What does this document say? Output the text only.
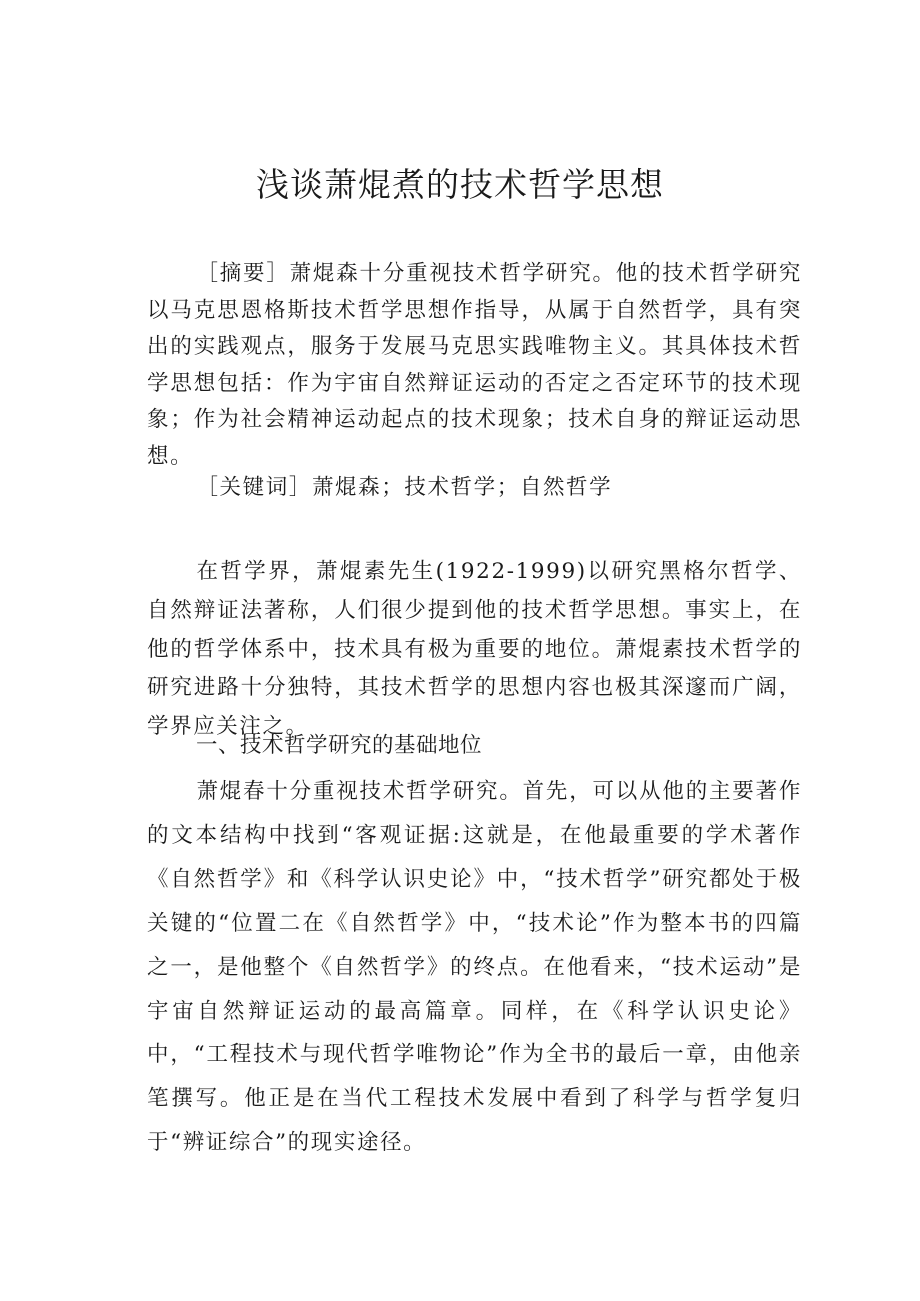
浅谈萧焜煮的技术哲学思想

［摘要］萧焜森十分重视技术哲学研究。他的技术哲学研究以马克思恩格斯技术哲学思想作指导，从属于自然哲学，具有突出的实践观点，服务于发展马克思实践唯物主义。其具体技术哲学思想包括：作为宇宙自然辩证运动的否定之否定环节的技术现象；作为社会精神运动起点的技术现象；技术自身的辩证运动思想。

［关键词］萧焜森；技术哲学；自然哲学

在哲学界，萧焜素先生(1922-1999)以研究黑格尔哲学、自然辩证法著称，人们很少提到他的技术哲学思想。事实上，在他的哲学体系中，技术具有极为重要的地位。萧焜素技术哲学的研究进路十分独特，其技术哲学的思想内容也极其深邃而广阔，学界应关注之。

一、技术哲学研究的基础地位

萧焜春十分重视技术哲学研究。首先，可以从他的主要著作的文本结构中找到“客观证据:这就是，在他最重要的学术著作《自然哲学》和《科学认识史论》中，“技术哲学”研究都处于极关键的“位置二在《自然哲学》中，“技术论”作为整本书的四篇之一，是他整个《自然哲学》的终点。在他看来，“技术运动”是宇宙自然辩证运动的最高篇章。同样，在《科学认识史论》中，“工程技术与现代哲学唯物论”作为全书的最后一章，由他亲笔撰写。他正是在当代工程技术发展中看到了科学与哲学复归于“辨证综合”的现实途径。
